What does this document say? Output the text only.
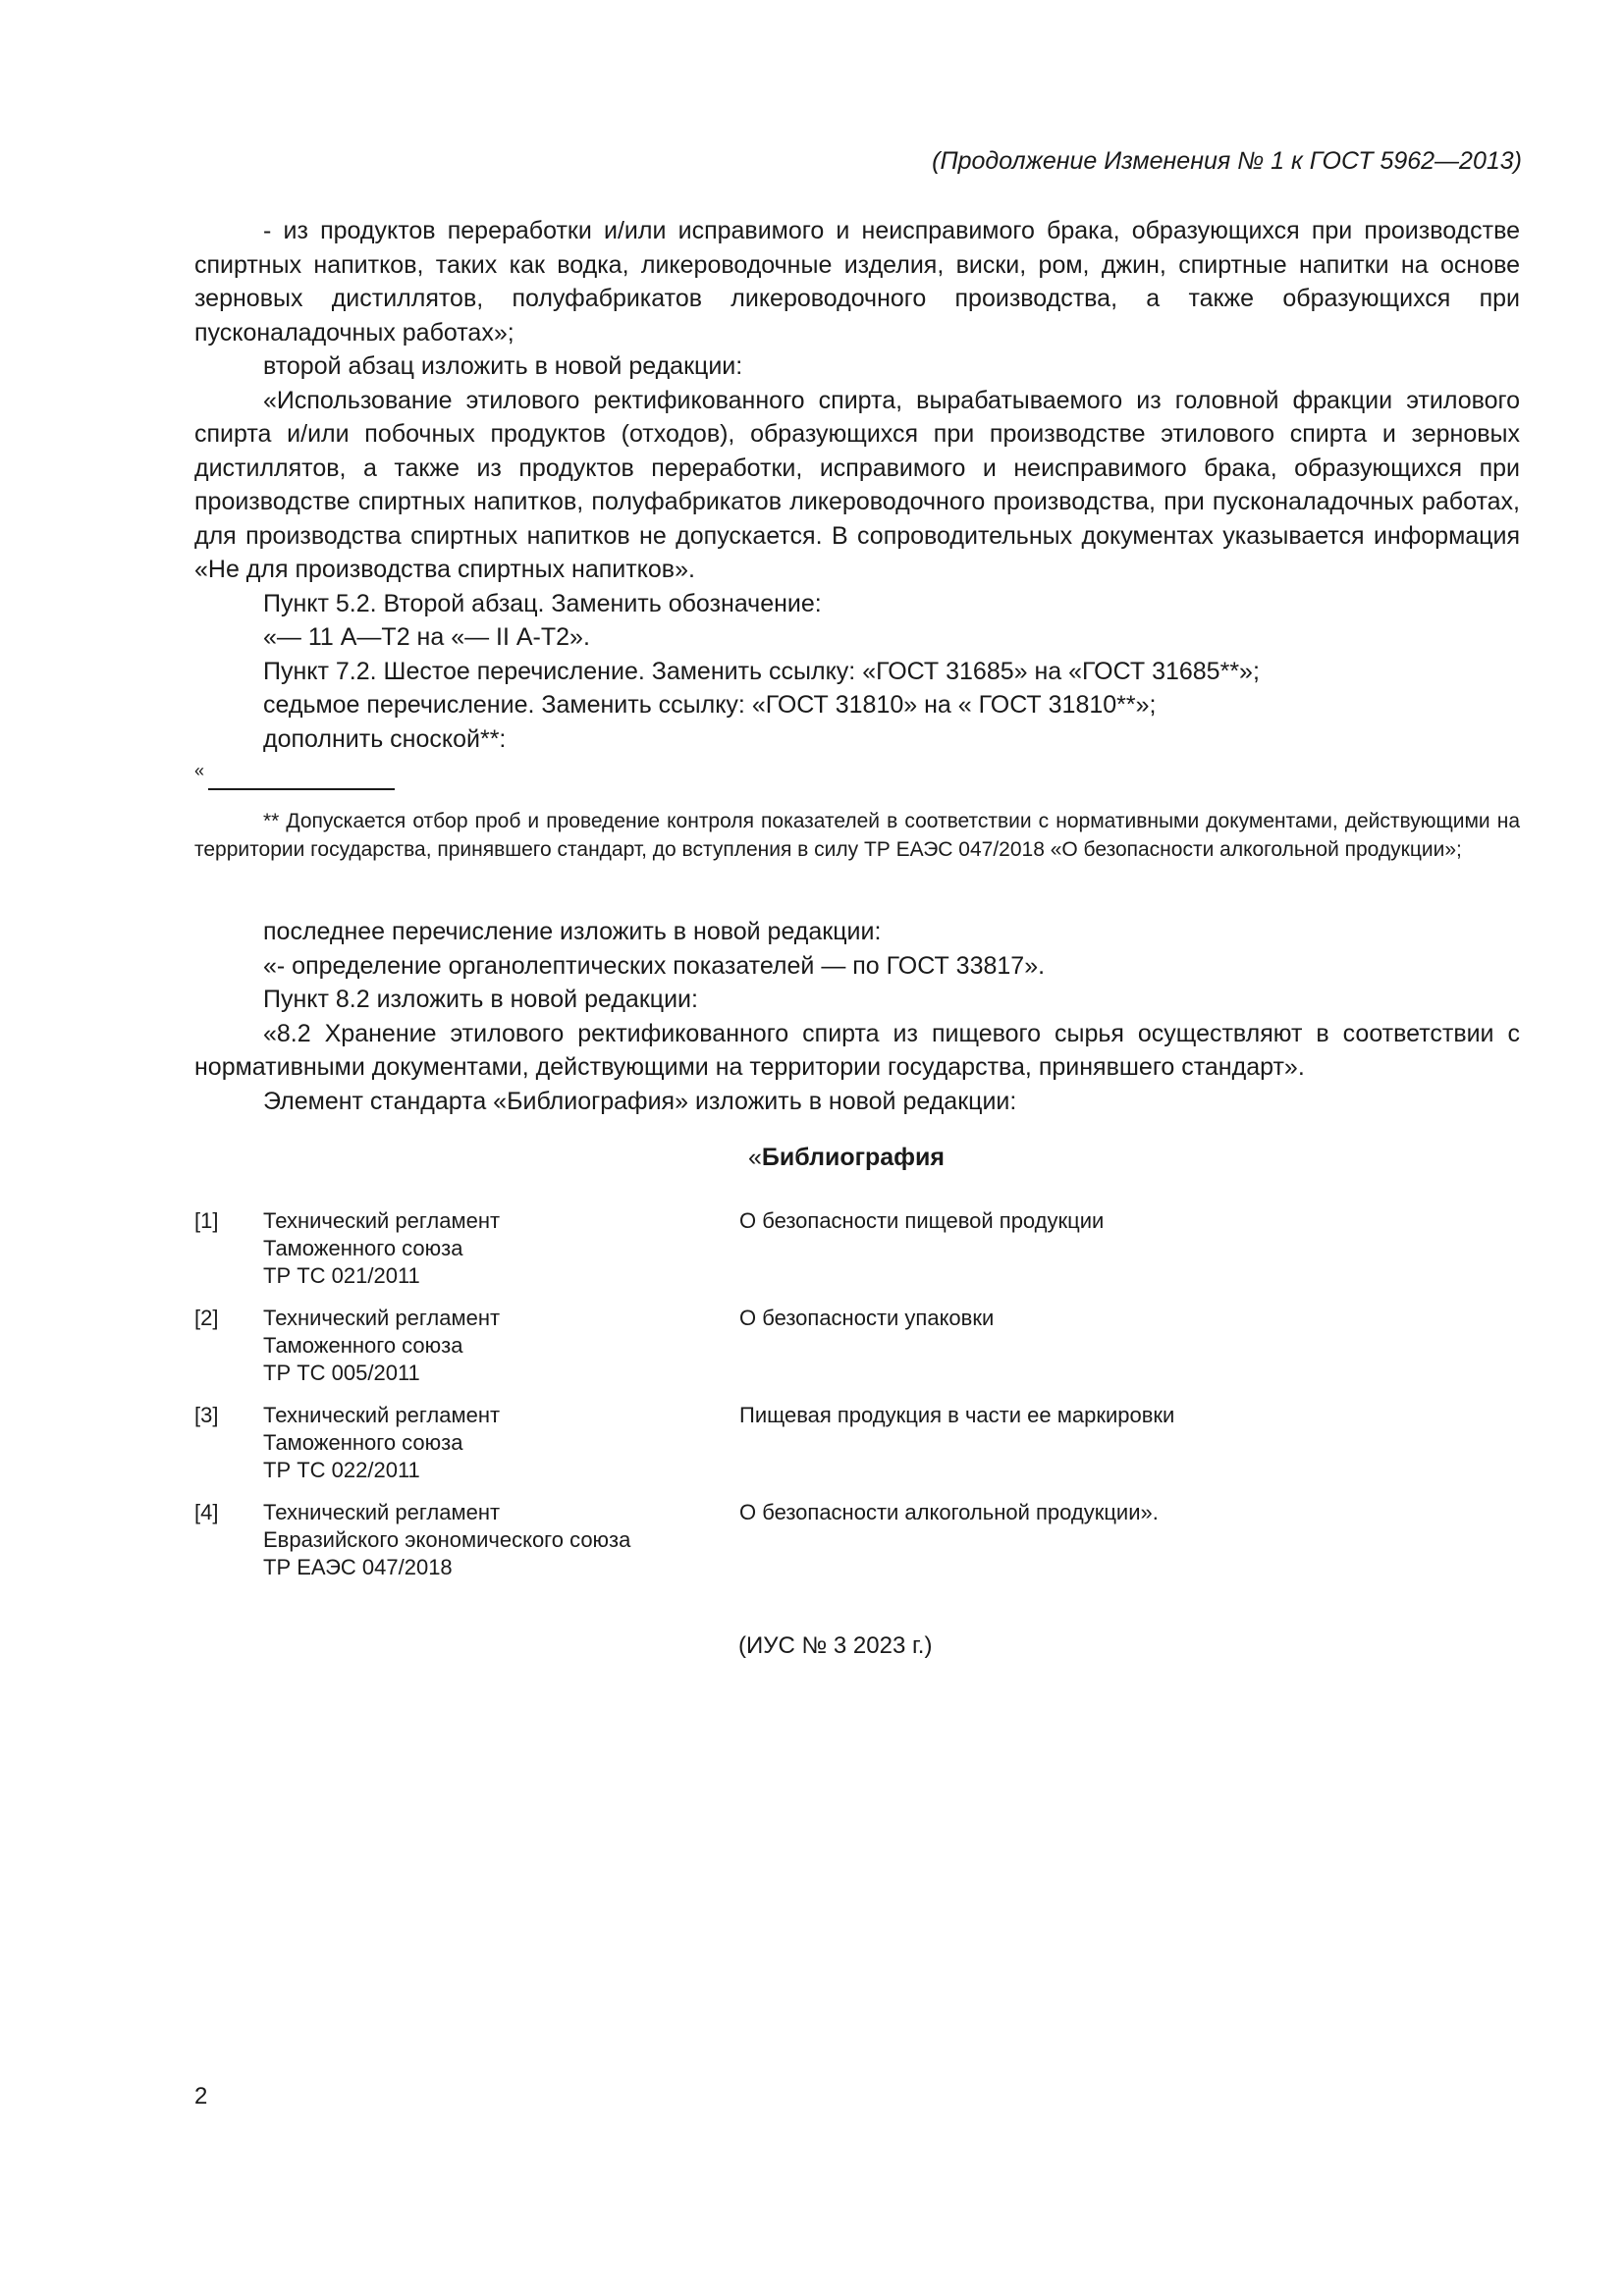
(Продолжение Изменения № 1 к ГОСТ 5962—2013)

- из продуктов переработки и/или исправимого и неисправимого брака, образующихся при производстве спиртных напитков, таких как водка, ликероводочные изделия, виски, ром, джин, спиртные напитки на основе зерновых дистиллятов, полуфабрикатов ликероводочного производства, а также образующихся при пусконаладочных работах»;

второй абзац изложить в новой редакции:

«Использование этилового ректификованного спирта, вырабатываемого из головной фракции этилового спирта и/или побочных продуктов (отходов), образующихся при производстве этилового спирта и зерновых дистиллятов, а также из продуктов переработки, исправимого и неисправимого брака, образующихся при производстве спиртных напитков, полуфабрикатов ликероводочного производства, при пусконаладочных работах, для производства спиртных напитков не допускается. В сопроводительных документах указывается информация «Не для производства спиртных напитков».

Пункт 5.2. Второй абзац. Заменить обозначение:

«— 11 А—Т2 на «— II А-Т2».

Пункт 7.2. Шестое перечисление. Заменить ссылку: «ГОСТ 31685» на «ГОСТ 31685**»;

седьмое перечисление. Заменить ссылку: «ГОСТ 31810» на « ГОСТ 31810**»;

дополнить сноской**:

«

** Допускается отбор проб и проведение контроля показателей в соответствии с нормативными документами, действующими на территории государства, принявшего стандарт, до вступления в силу ТР ЕАЭС 047/2018 «О безопасности алкогольной продукции»;

последнее перечисление изложить в новой редакции:

«- определение органолептических показателей — по ГОСТ 33817».

Пункт 8.2 изложить в новой редакции:

«8.2 Хранение этилового ректификованного спирта из пищевого сырья осуществляют в соответствии с нормативными документами, действующими на территории государства, принявшего стандарт».

Элемент стандарта «Библиография» изложить в новой редакции:

«Библиография
[1] Технический регламент
Таможенного союза
ТР ТС 021/2011
О безопасности пищевой продукции
[2] Технический регламент
Таможенного союза
ТР ТС 005/2011
О безопасности упаковки
[3] Технический регламент
Таможенного союза
ТР ТС 022/2011
Пищевая продукция в части ее маркировки
[4] Технический регламент
Евразийского экономического союза
ТР ЕАЭС 047/2018
О безопасности алкогольной продукции».
(ИУС № 3 2023 г.)
2
